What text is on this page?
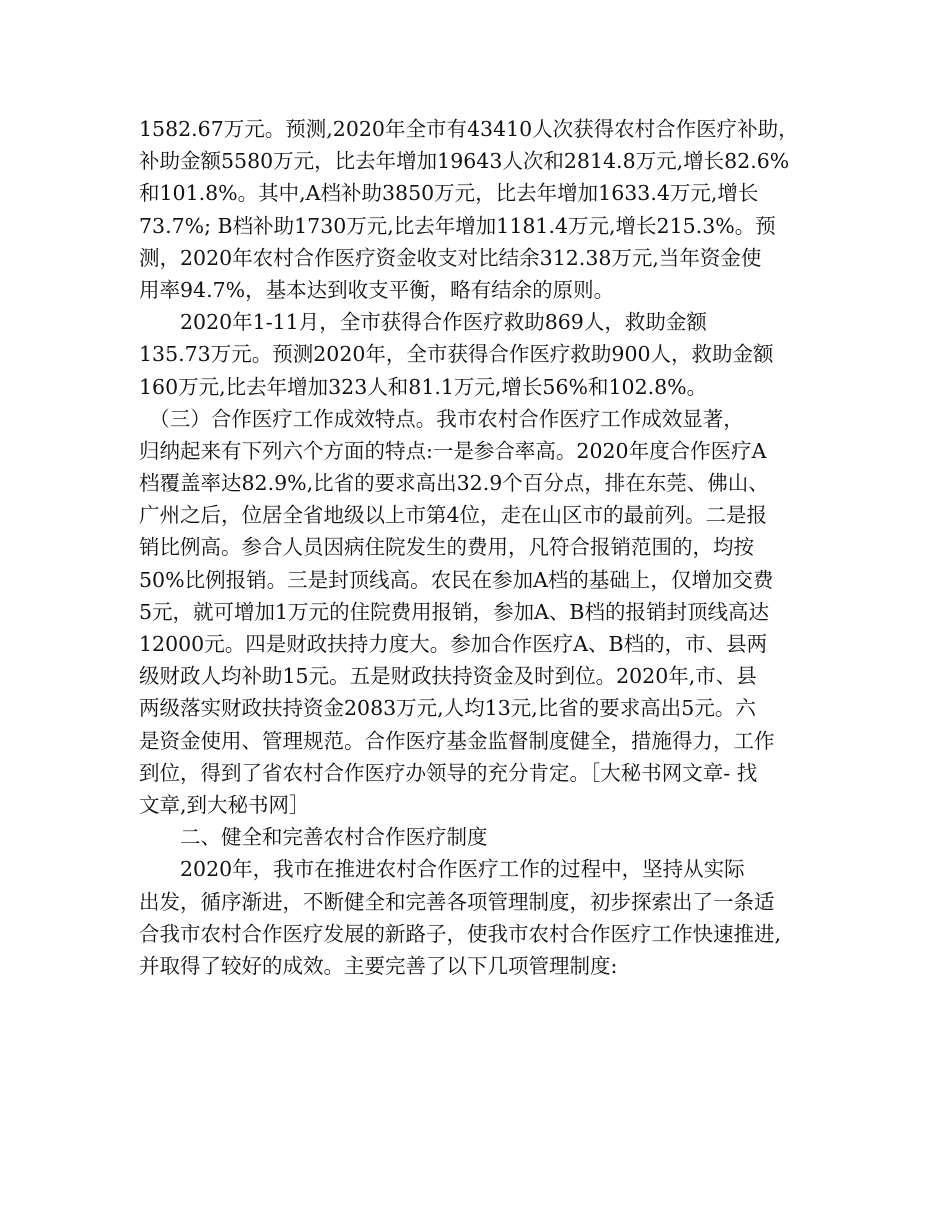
1582.67万元。预测,2020年全市有43410人次获得农村合作医疗补助，
补助金额5580万元，比去年增加19643人次和2814.8万元,增长82.6%
和101.8%。其中,A档补助3850万元，比去年增加1633.4万元,增长
73.7%; B档补助1730万元,比去年增加1181.4万元,增长215.3%。预
测，2020年农村合作医疗资金收支对比结余312.38万元,当年资金使
用率94.7%，基本达到收支平衡，略有结余的原则。
　　2020年1-11月，全市获得合作医疗救助869人，救助金额
135.73万元。预测2020年，全市获得合作医疗救助900人，救助金额
160万元,比去年增加323人和81.1万元,增长56%和102.8%。
　（三）合作医疗工作成效特点。我市农村合作医疗工作成效显著，
归纳起来有下列六个方面的特点:一是参合率高。2020年度合作医疗A
档覆盖率达82.9%,比省的要求高出32.9个百分点，排在东莞、佛山、
广州之后，位居全省地级以上市第4位，走在山区市的最前列。二是报
销比例高。参合人员因病住院发生的费用，凡符合报销范围的，均按
50%比例报销。三是封顶线高。农民在参加A档的基础上，仅增加交费
5元，就可增加1万元的住院费用报销，参加A、B档的报销封顶线高达
12000元。四是财政扶持力度大。参加合作医疗A、B档的，市、县两
级财政人均补助15元。五是财政扶持资金及时到位。2020年,市、县
两级落实财政扶持资金2083万元,人均13元,比省的要求高出5元。六
是资金使用、管理规范。合作医疗基金监督制度健全，措施得力，工作
到位，得到了省农村合作医疗办领导的充分肯定。［大秘书网文章- 找
文章,到大秘书网］
　　二、健全和完善农村合作医疗制度
　　2020年，我市在推进农村合作医疗工作的过程中，坚持从实际
出发，循序渐进，不断健全和完善各项管理制度，初步探索出了一条适
合我市农村合作医疗发展的新路子，使我市农村合作医疗工作快速推进,
并取得了较好的成效。主要完善了以下几项管理制度:
